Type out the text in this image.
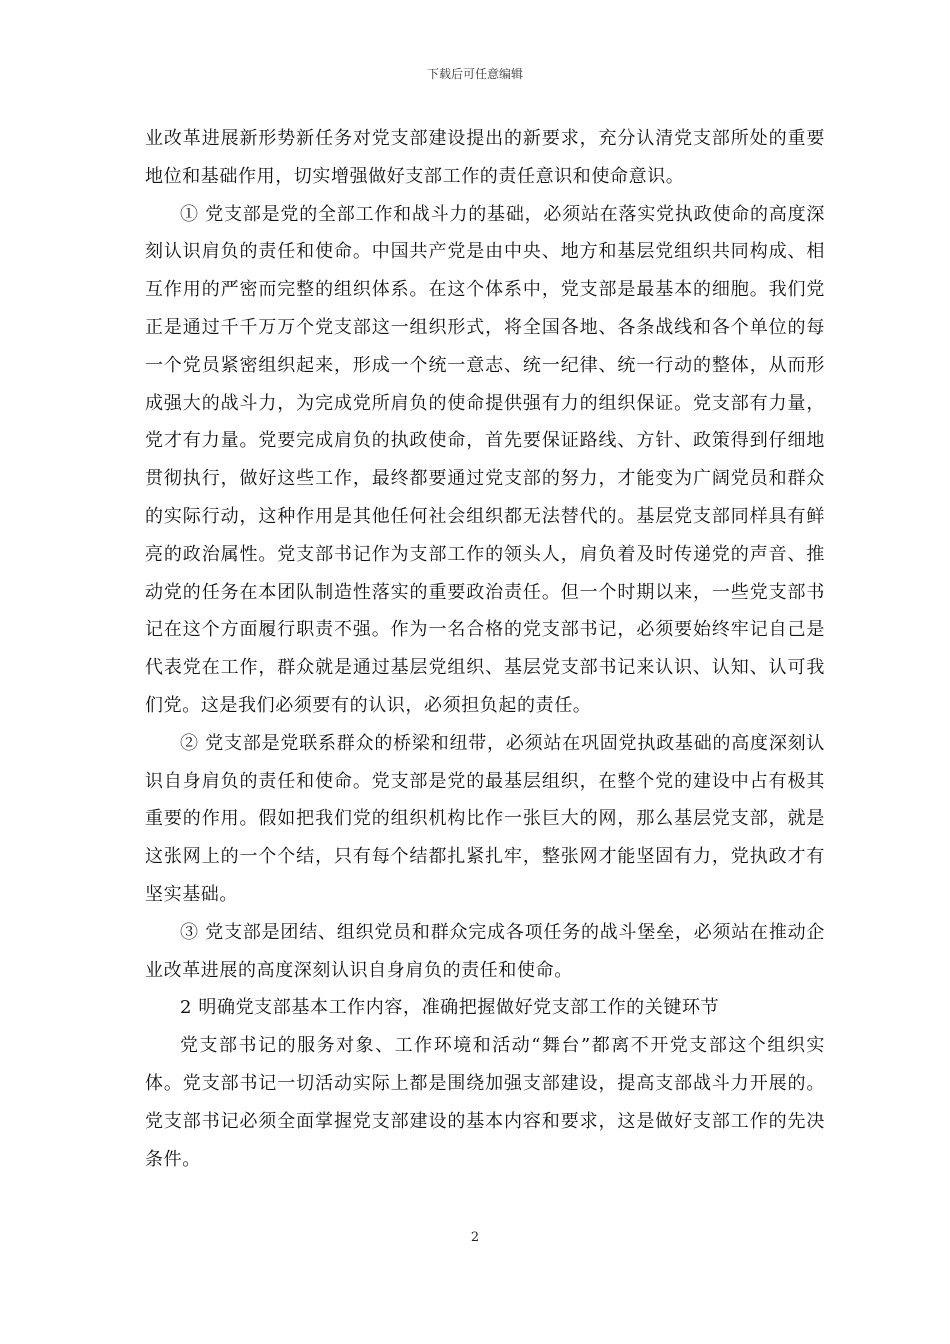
下载后可任意编辑

业改革进展新形势新任务对党支部建设提出的新要求，充分认清党支部所处的重要地位和基础作用，切实增强做好支部工作的责任意识和使命意识。

① 党支部是党的全部工作和战斗力的基础，必须站在落实党执政使命的高度深刻认识肩负的责任和使命。中国共产党是由中央、地方和基层党组织共同构成、相互作用的严密而完整的组织体系。在这个体系中，党支部是最基本的细胞。我们党正是通过千千万万个党支部这一组织形式，将全国各地、各条战线和各个单位的每一个党员紧密组织起来，形成一个统一意志、统一纪律、统一行动的整体，从而形成强大的战斗力，为完成党所肩负的使命提供强有力的组织保证。党支部有力量，党才有力量。党要完成肩负的执政使命，首先要保证路线、方针、政策得到仔细地贯彻执行，做好这些工作，最终都要通过党支部的努力，才能变为广阔党员和群众的实际行动，这种作用是其他任何社会组织都无法替代的。基层党支部同样具有鲜亮的政治属性。党支部书记作为支部工作的领头人，肩负着及时传递党的声音、推动党的任务在本团队制造性落实的重要政治责任。但一个时期以来，一些党支部书记在这个方面履行职责不强。作为一名合格的党支部书记，必须要始终牢记自己是代表党在工作，群众就是通过基层党组织、基层党支部书记来认识、认知、认可我们党。这是我们必须要有的认识，必须担负起的责任。

② 党支部是党联系群众的桥梁和纽带，必须站在巩固党执政基础的高度深刻认识自身肩负的责任和使命。党支部是党的最基层组织，在整个党的建设中占有极其重要的作用。假如把我们党的组织机构比作一张巨大的网，那么基层党支部，就是这张网上的一个个结，只有每个结都扎紧扎牢，整张网才能坚固有力，党执政才有坚实基础。

③ 党支部是团结、组织党员和群众完成各项任务的战斗堡垒，必须站在推动企业改革进展的高度深刻认识自身肩负的责任和使命。

2 明确党支部基本工作内容，准确把握做好党支部工作的关键环节

党支部书记的服务对象、工作环境和活动“舞台”都离不开党支部这个组织实体。党支部书记一切活动实际上都是围绕加强支部建设，提高支部战斗力开展的。党支部书记必须全面掌握党支部建设的基本内容和要求，这是做好支部工作的先决条件。

2
